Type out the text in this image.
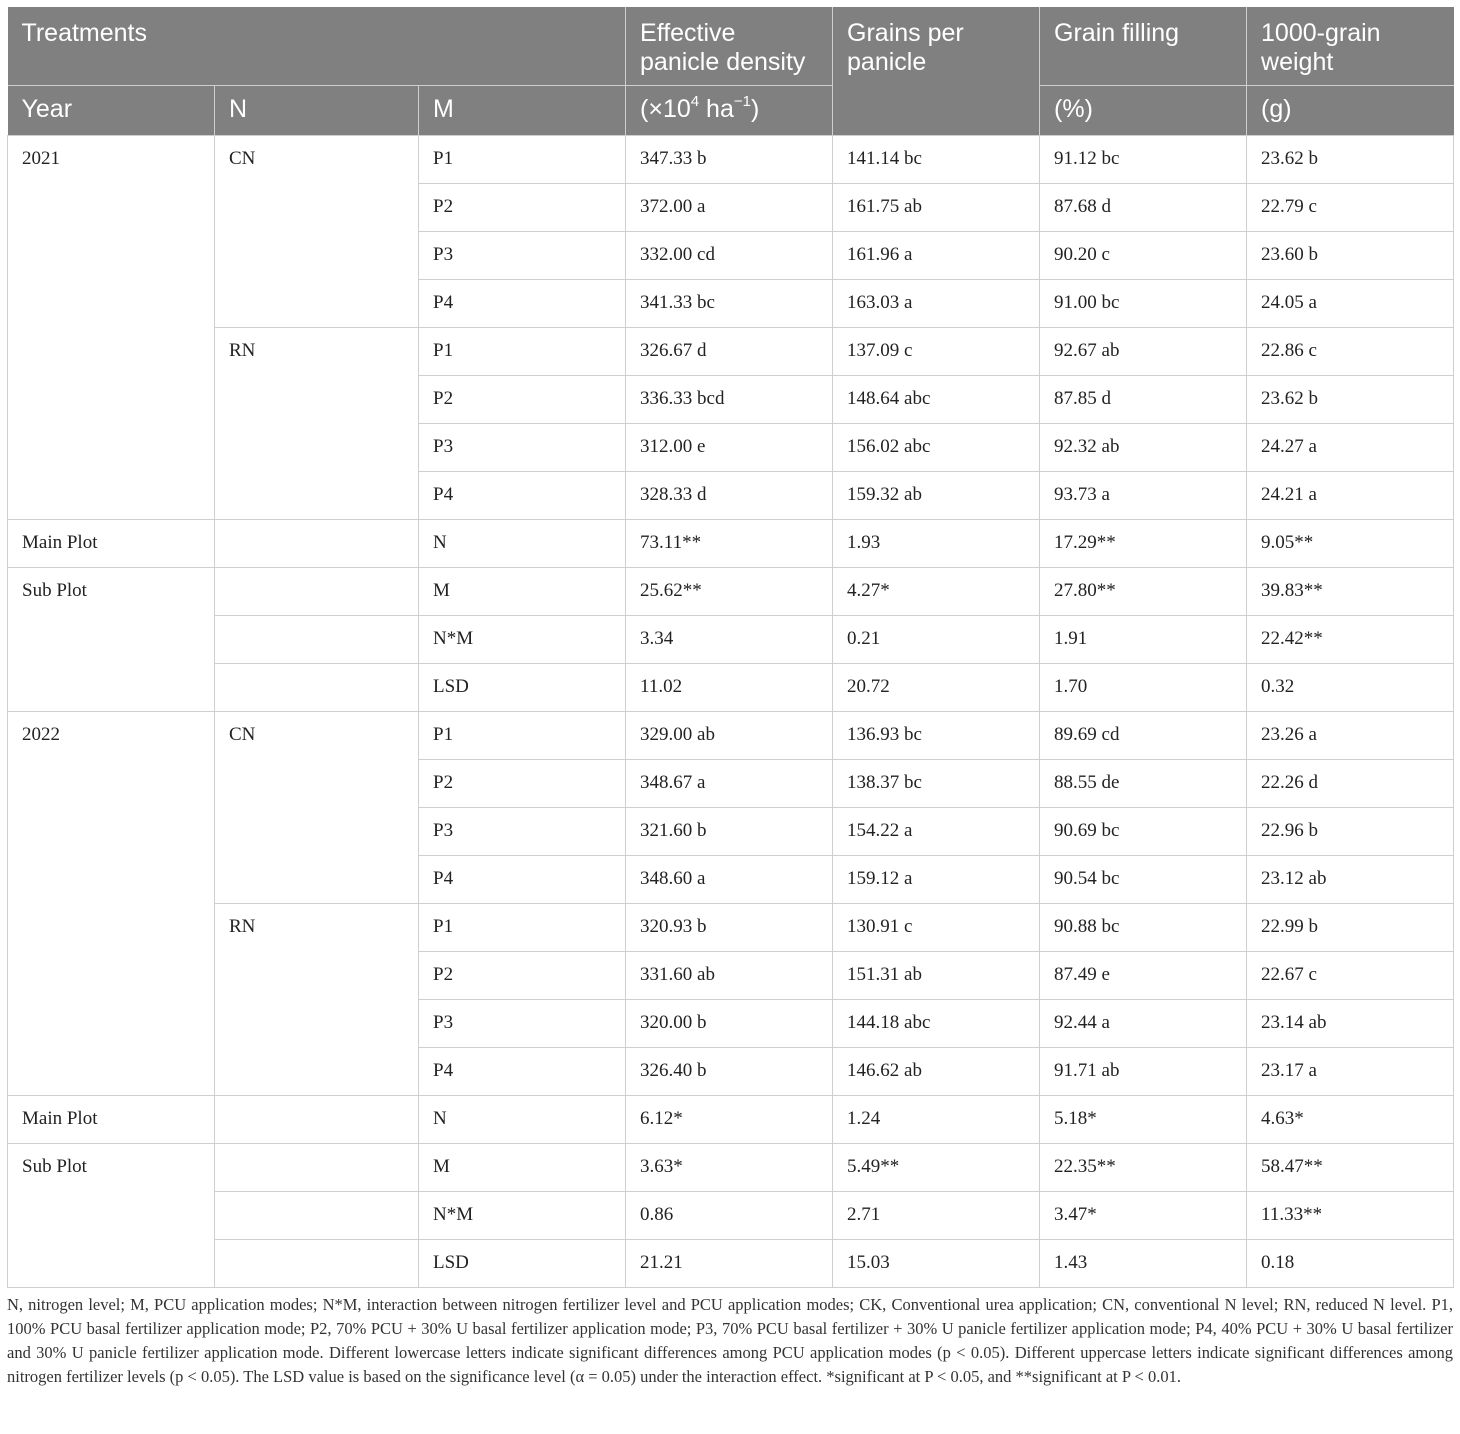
Treatments			Effective panicle density	Grains per panicle	Grain filling	1000-grain weight
Year	N	M	($\times 10^4$ $ha^{-1}$)		(%)	(g)
2021	CN	P1	347.33 b	141.14 bc	91.12 bc	23.62 b
		P2	372.00 a	161.75 ab	87.68 d	22.79 c
		P3	332.00 cd	161.96 a	90.20 c	23.60 b
		P4	341.33 bc	163.03 a	91.00 bc	24.05 a
	RN	P1	326.67 d	137.09 c	92.67 ab	22.86 c
		P2	336.33 bcd	148.64 abc	87.85 d	23.62 b
		P3	312.00 e	156.02 abc	92.32 ab	24.27 a
		P4	328.33 d	159.32 ab	93.73 a	24.21 a
Main Plot		N	73.11**	1.93	17.29**	9.05**
Sub Plot		M	25.62**	4.27*	27.80**	39.83**
		N*M	3.34	0.21	1.91	22.42**
		LSD	11.02	20.72	1.70	0.32
2022	CN	P1	329.00 ab	136.93 bc	89.69 cd	23.26 a
		P2	348.67 a	138.37 bc	88.55 de	22.26 d
		P3	321.60 b	154.22 a	90.69 bc	22.96 b
		P4	348.60 a	159.12 a	90.54 bc	23.12 ab
	RN	P1	320.93 b	130.91 c	90.88 bc	22.99 b
		P2	331.60 ab	151.31 ab	87.49 e	22.67 c
		P3	320.00 b	144.18 abc	92.44 a	23.14 ab
		P4	326.40 b	146.62 ab	91.71 ab	23.17 a
Main Plot		N	6.12*	1.24	5.18*	4.63*
Sub Plot		M	3.63*	5.49**	22.35**	58.47**
		N*M	0.86	2.71	3.47*	11.33**
		LSD	21.21	15.03	1.43	0.18
N, nitrogen level; M, PCU application modes; N*M, interaction between nitrogen fertilizer level and PCU application modes; CK, Conventional urea application; CN, conventional N level; RN, reduced N level. P1, 100% PCU basal fertilizer application mode; P2, 70% PCU + 30% U basal fertilizer application mode; P3, 70% PCU basal fertilizer + 30% U panicle fertilizer application mode; P4, 40% PCU + 30% U basal fertilizer and 30% U panicle fertilizer application mode. Different lowercase letters indicate significant differences among PCU application modes (p < 0.05). Different uppercase letters indicate significant differences among nitrogen fertilizer levels (p < 0.05). The LSD value is based on the significance level (α = 0.05) under the interaction effect. *significant at P < 0.05, and **significant at P < 0.01.
